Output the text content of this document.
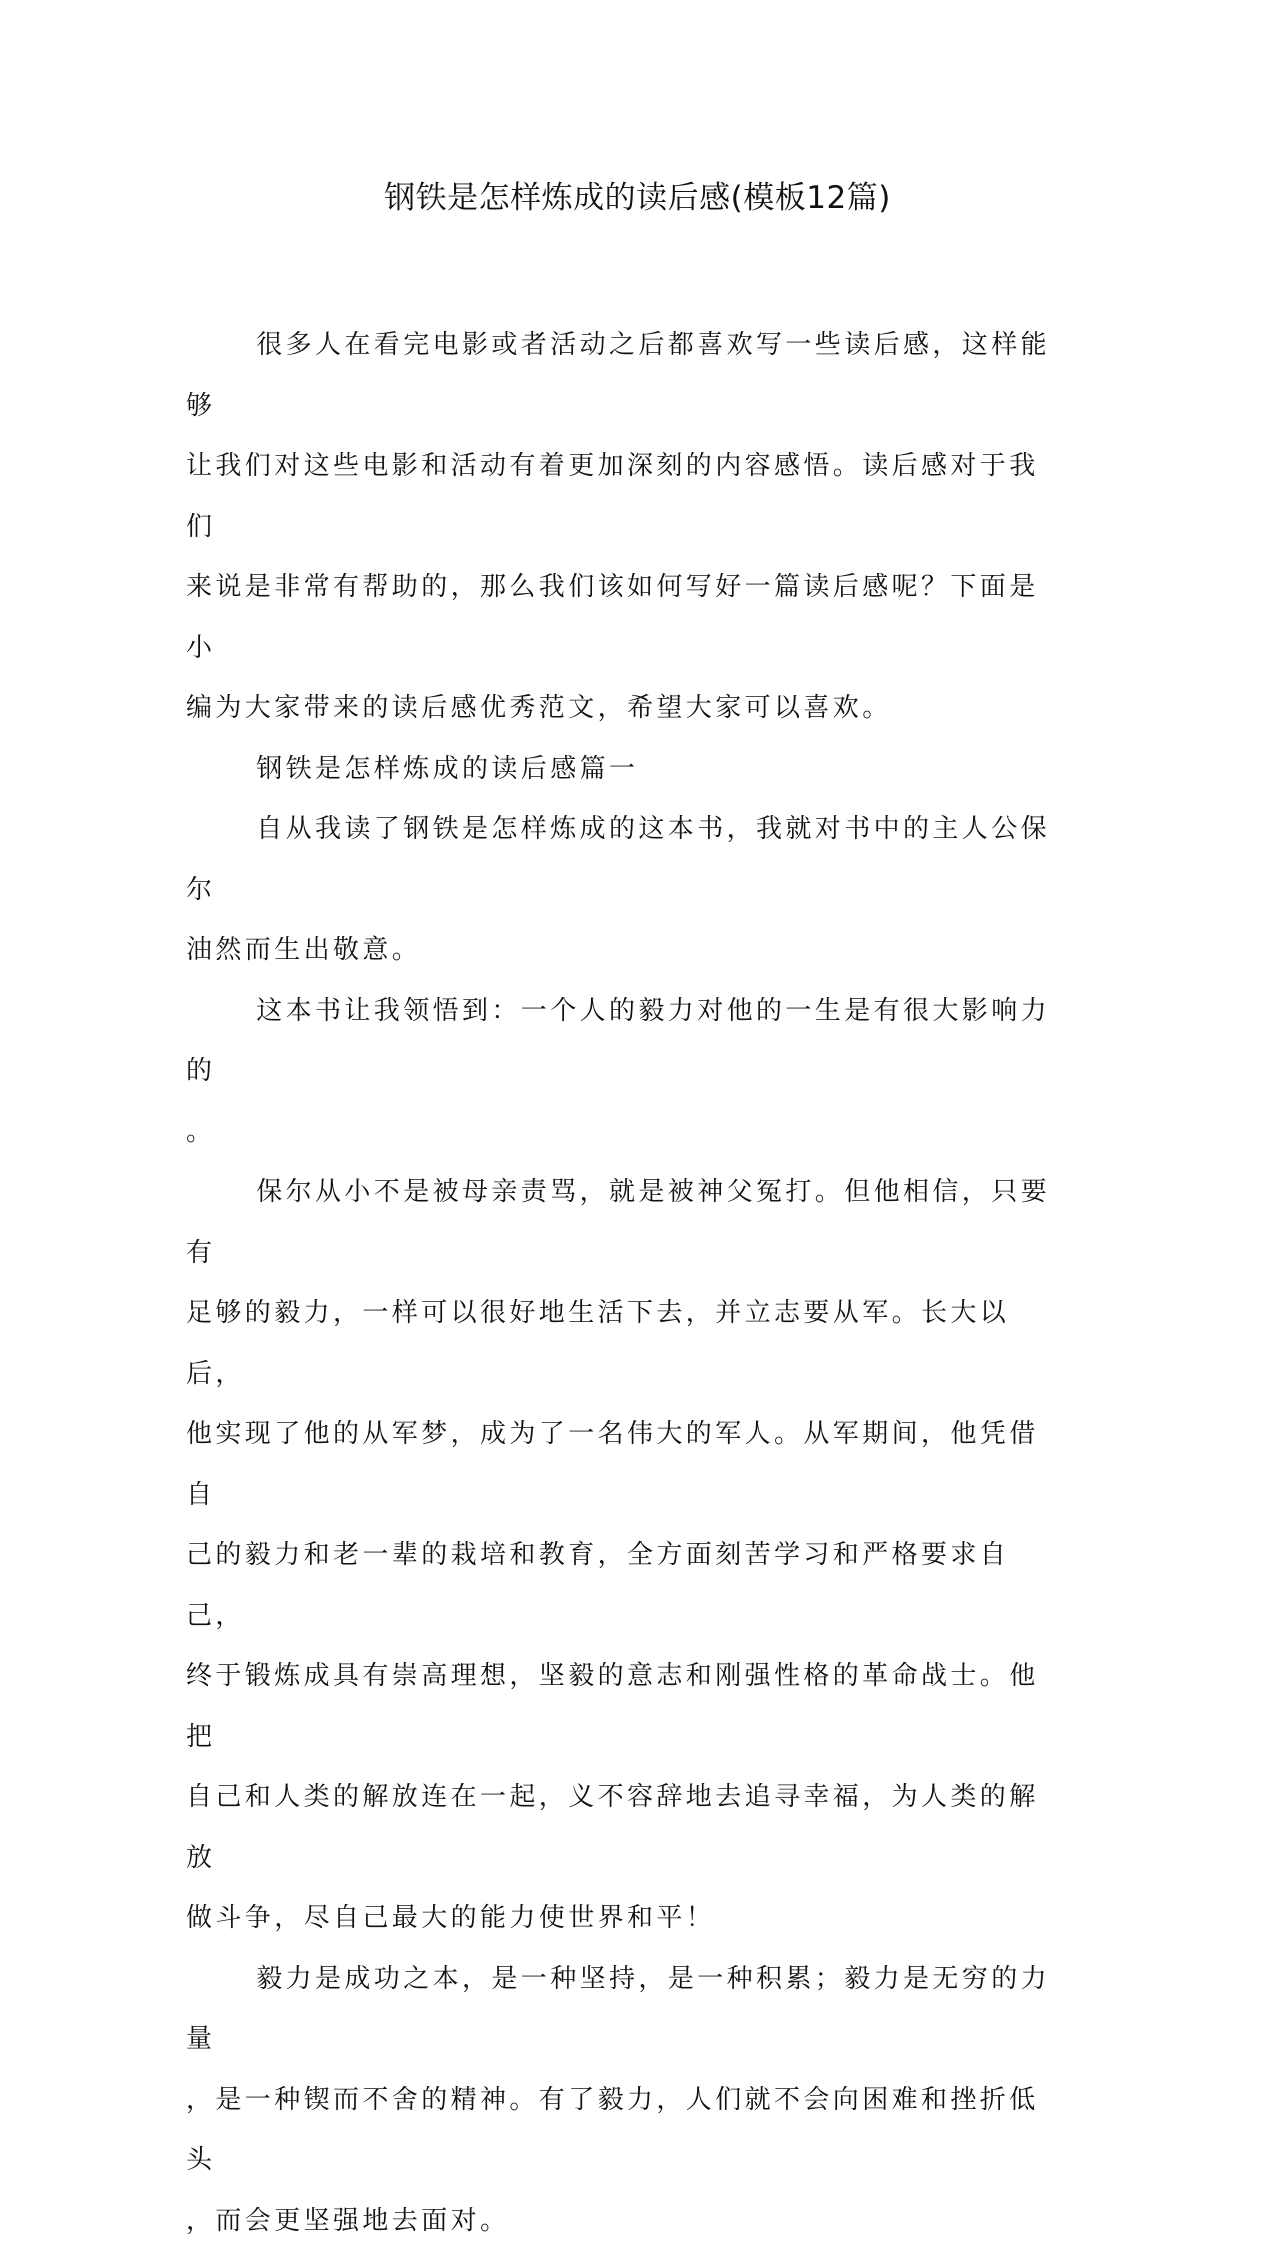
钢铁是怎样炼成的读后感(模板12篇)

很多人在看完电影或者活动之后都喜欢写一些读后感，这样能够
让我们对这些电影和活动有着更加深刻的内容感悟。读后感对于我们
来说是非常有帮助的，那么我们该如何写好一篇读后感呢？下面是小
编为大家带来的读后感优秀范文，希望大家可以喜欢。

钢铁是怎样炼成的读后感篇一

自从我读了钢铁是怎样炼成的这本书，我就对书中的主人公保尔
油然而生出敬意。

这本书让我领悟到：一个人的毅力对他的一生是有很大影响力的
。

保尔从小不是被母亲责骂，就是被神父冤打。但他相信，只要有
足够的毅力，一样可以很好地生活下去，并立志要从军。长大以后，
他实现了他的从军梦，成为了一名伟大的军人。从军期间，他凭借自
己的毅力和老一辈的栽培和教育，全方面刻苦学习和严格要求自己，
终于锻炼成具有崇高理想，坚毅的意志和刚强性格的革命战士。他把
自己和人类的解放连在一起，义不容辞地去追寻幸福，为人类的解放
做斗争，尽自己最大的能力使世界和平！

毅力是成功之本，是一种坚持，是一种积累；毅力是无穷的力量
，是一种锲而不舍的精神。有了毅力，人们就不会向困难和挫折低头
，而会更坚强地去面对。
